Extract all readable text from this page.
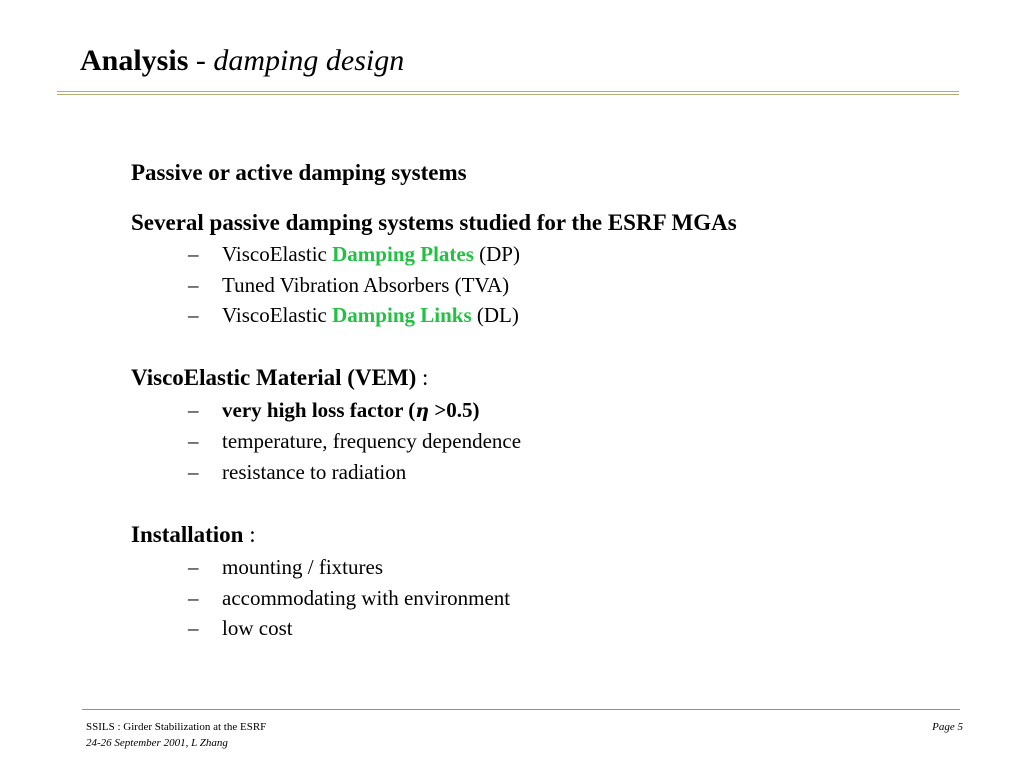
Analysis - damping design

Passive or active damping systems

Several passive damping systems studied for the ESRF MGAs

– ViscoElastic Damping Plates (DP)
– Tuned Vibration Absorbers (TVA)
– ViscoElastic Damping Links (DL)

ViscoElastic Material (VEM) :

– very high loss factor (η >0.5)
– temperature, frequency dependence
– resistance to radiation

Installation :

– mounting / fixtures
– accommodating with environment
– low cost
SSILS : Girder Stabilization at the ESRF
24-26 September 2001, L Zhang
Page 5
